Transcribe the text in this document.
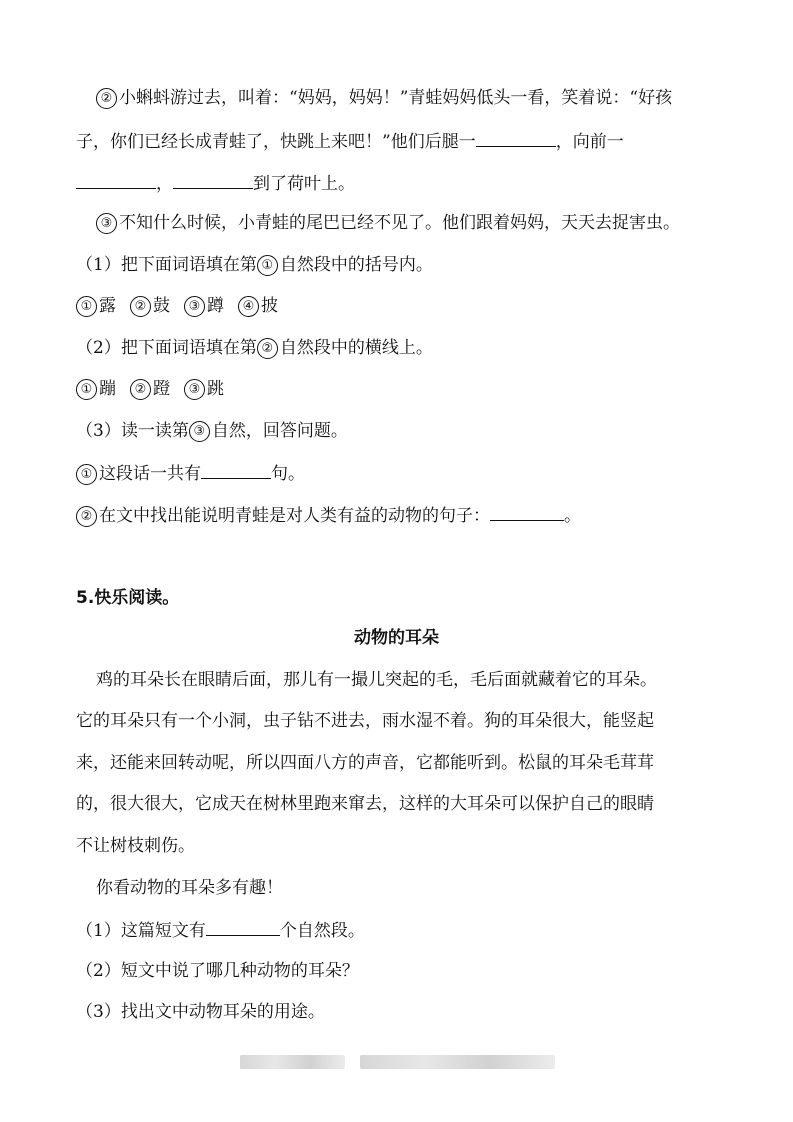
② 小蝌蚪游过去，叫着：“妈妈，妈妈！”青蛙妈妈低头一看，笑着说：“好孩
子，你们已经长成青蛙了，快跳上来吧！”他们后腿一	，向前一
，	到了荷叶上。
③ 不知什么时候，小青蛙的尾巴已经不见了。他们跟着妈妈，天天去捉害虫。
（1）把下面词语填在第 ① 自然段中的括号内。
① 露 ② 鼓 ③ 蹲 ④ 披
（2）把下面词语填在第 ② 自然段中的横线上。
① 蹦 ② 蹬 ③ 跳
（3）读一读第 ③ 自然，回答问题。
① 这段话一共有	句。
② 在文中找出能说明青蛙是对人类有益的动物的句子：	。
5.快乐阅读。
动物的耳朵
鸡的耳朵长在眼睛后面，那儿有一撮儿突起的毛，毛后面就藏着它的耳朵。
它的耳朵只有一个小洞，虫子钻不进去，雨水湿不着。狗的耳朵很大，能竖起
来，还能来回转动呢，所以四面八方的声音，它都能听到。松鼠的耳朵毛茸茸
的，很大很大，它成天在树林里跑来窜去，这样的大耳朵可以保护自己的眼睛
不让树枝刺伤。
你看动物的耳朵多有趣！
（1）这篇短文有	个自然段。
（2）短文中说了哪几种动物的耳朵？
（3）找出文中动物耳朵的用途。
